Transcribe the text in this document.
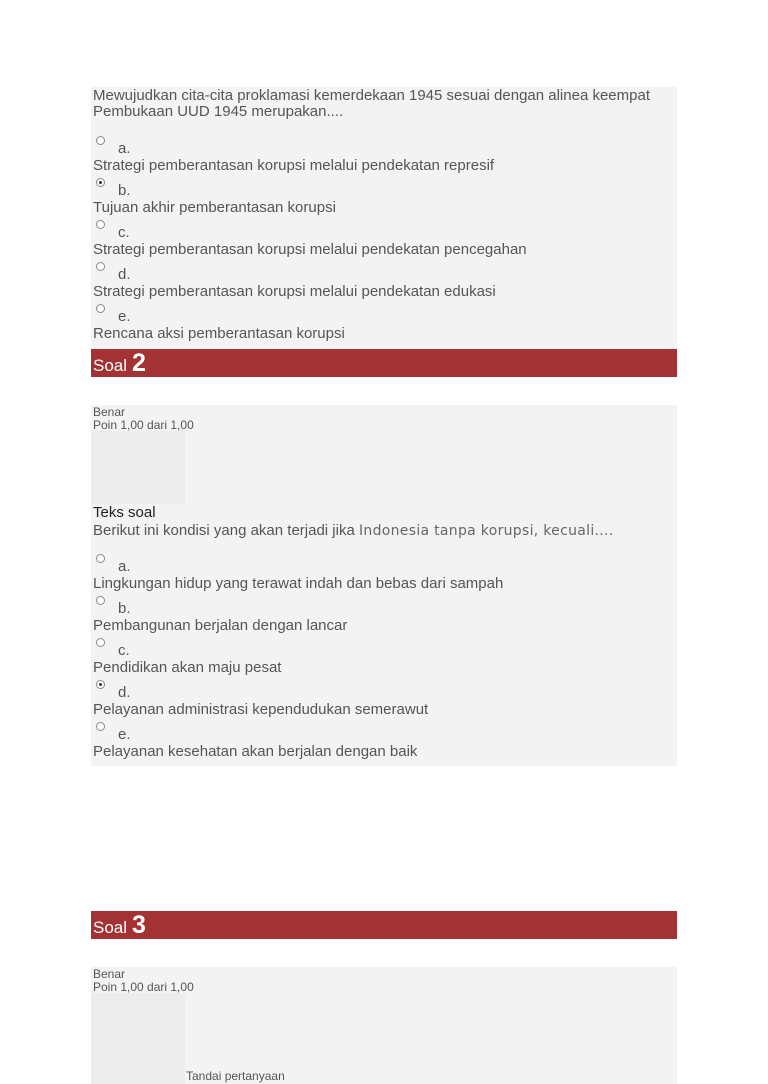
Mewujudkan cita-cita proklamasi kemerdekaan 1945 sesuai dengan alinea keempat Pembukaan UUD 1945 merupakan....
a.
Strategi pemberantasan korupsi melalui pendekatan represif
b.
Tujuan akhir pemberantasan korupsi
c.
Strategi pemberantasan korupsi melalui pendekatan pencegahan
d.
Strategi pemberantasan korupsi melalui pendekatan edukasi
e.
Rencana aksi pemberantasan korupsi
Soal 2
Benar
Poin 1,00 dari 1,00
Teks soal
Berikut ini kondisi yang akan terjadi jika Indonesia tanpa korupsi, kecuali....
a.
Lingkungan hidup yang terawat indah dan bebas dari sampah
b.
Pembangunan berjalan dengan lancar
c.
Pendidikan akan maju pesat
d.
Pelayanan administrasi kependudukan semerawut
e.
Pelayanan kesehatan akan berjalan dengan baik
Soal 3
Benar
Poin 1,00 dari 1,00
Tandai pertanyaan
